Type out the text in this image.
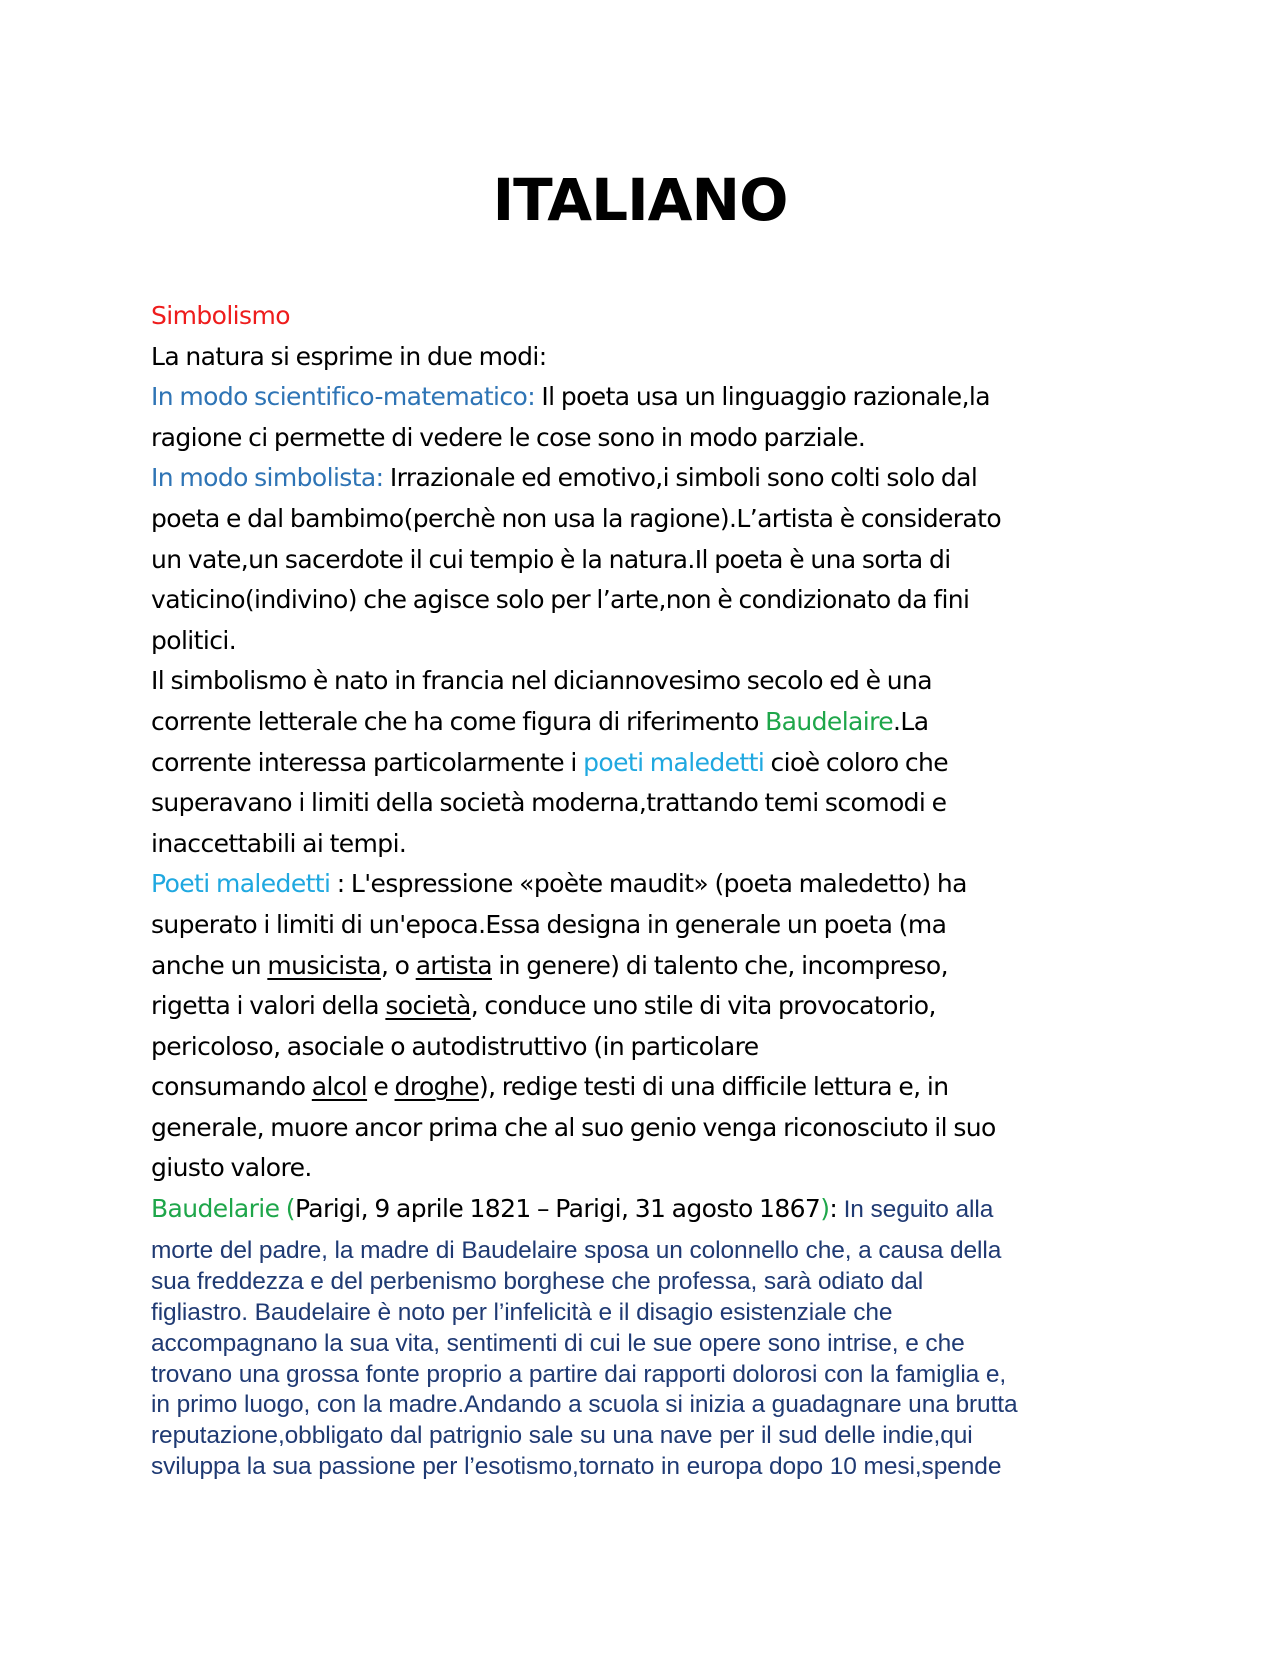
ITALIANO
Simbolismo
La natura si esprime in due modi:
In modo scientifico-matematico: Il poeta usa un linguaggio razionale,la
ragione ci permette di vedere le cose sono in modo parziale.
In modo simbolista: Irrazionale ed emotivo,i simboli sono colti solo dal
poeta e dal bambimo(perchè non usa la ragione).L’artista è considerato
un vate,un sacerdote il cui tempio è la natura.Il poeta è una sorta di
vaticino(indivino) che agisce solo per l’arte,non è condizionato da fini
politici.
Il simbolismo è nato in francia nel diciannovesimo secolo ed è una
corrente letterale che ha come figura di riferimento Baudelaire.La
corrente interessa particolarmente i poeti maledetti cioè coloro che
superavano i limiti della società moderna,trattando temi scomodi e
inaccettabili ai tempi.
Poeti maledetti : L'espressione «poète maudit» (poeta maledetto) ha
superato i limiti di un'epoca.Essa designa in generale un poeta (ma
anche un musicista, o artista in genere) di talento che, incompreso,
rigetta i valori della società, conduce uno stile di vita provocatorio,
pericoloso, asociale o autodistruttivo (in particolare
consumando alcol e droghe), redige testi di una difficile lettura e, in
generale, muore ancor prima che al suo genio venga riconosciuto il suo
giusto valore.
Baudelarie (Parigi, 9 aprile 1821 – Parigi, 31 agosto 1867): In seguito alla
morte del padre, la madre di Baudelaire sposa un colonnello che, a causa della
sua freddezza e del perbenismo borghese che professa, sarà odiato dal
figliastro. Baudelaire è noto per l’infelicità e il disagio esistenziale che
accompagnano la sua vita, sentimenti di cui le sue opere sono intrise, e che
trovano una grossa fonte proprio a partire dai rapporti dolorosi con la famiglia e,
in primo luogo, con la madre.Andando a scuola si inizia a guadagnare una brutta
reputazione,obbligato dal patrignio sale su una nave per il sud delle indie,qui
sviluppa la sua passione per l’esotismo,tornato in europa dopo 10 mesi,spende
